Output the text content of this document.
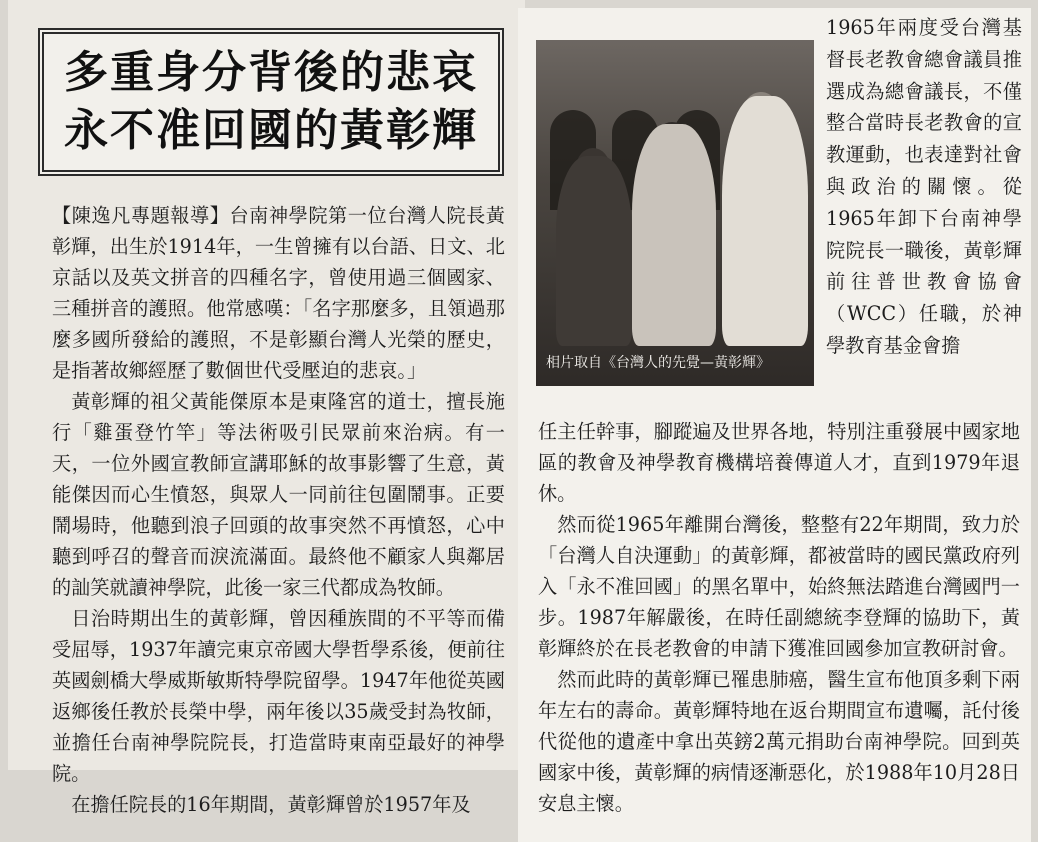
多重身分背後的悲哀
永不准回國的黃彰輝

【陳逸凡專題報導】台南神學院第一位台灣人院長黃彰輝，出生於1914年，一生曾擁有以台語、日文、北京話以及英文拼音的四種名字，曾使用過三個國家、三種拼音的護照。他常感嘆：「名字那麼多，且領過那麼多國所發給的護照，不是彰顯台灣人光榮的歷史，是指著故鄉經歷了數個世代受壓迫的悲哀。」

黃彰輝的祖父黃能傑原本是東隆宮的道士，擅長施行「雞蛋登竹竿」等法術吸引民眾前來治病。有一天，一位外國宣教師宣講耶穌的故事影響了生意，黃能傑因而心生憤怒，與眾人一同前往包圍鬧事。正要鬧場時，他聽到浪子回頭的故事突然不再憤怒，心中聽到呼召的聲音而淚流滿面。最終他不顧家人與鄰居的訕笑就讀神學院，此後一家三代都成為牧師。

日治時期出生的黃彰輝，曾因種族間的不平等而備受屈辱，1937年讀完東京帝國大學哲學系後，便前往英國劍橋大學威斯敏斯特學院留學。1947年他從英國返鄉後任教於長榮中學，兩年後以35歲受封為牧師，並擔任台南神學院院長，打造當時東南亞最好的神學院。

在擔任院長的16年期間，黃彰輝曾於1957年及

相片取自《台灣人的先覺—黃彰輝》
1965年兩度受台灣基督長老教會總會議員推選成為總會議長，不僅整合當時長老教會的宣教運動，也表達對社會與政治的關懷。從1965年卸下台南神學院院長一職後，黃彰輝前往普世教會協會（WCC）任職，於神學教育基金會擔

任主任幹事，腳蹤遍及世界各地，特別注重發展中國家地區的教會及神學教育機構培養傳道人才，直到1979年退休。

然而從1965年離開台灣後，整整有22年期間，致力於「台灣人自決運動」的黃彰輝，都被當時的國民黨政府列入「永不准回國」的黑名單中，始終無法踏進台灣國門一步。1987年解嚴後，在時任副總統李登輝的協助下，黃彰輝終於在長老教會的申請下獲准回國參加宣教研討會。

然而此時的黃彰輝已罹患肺癌，醫生宣布他頂多剩下兩年左右的壽命。黃彰輝特地在返台期間宣布遺囑，託付後代從他的遺產中拿出英鎊2萬元捐助台南神學院。回到英國家中後，黃彰輝的病情逐漸惡化，於1988年10月28日安息主懷。
